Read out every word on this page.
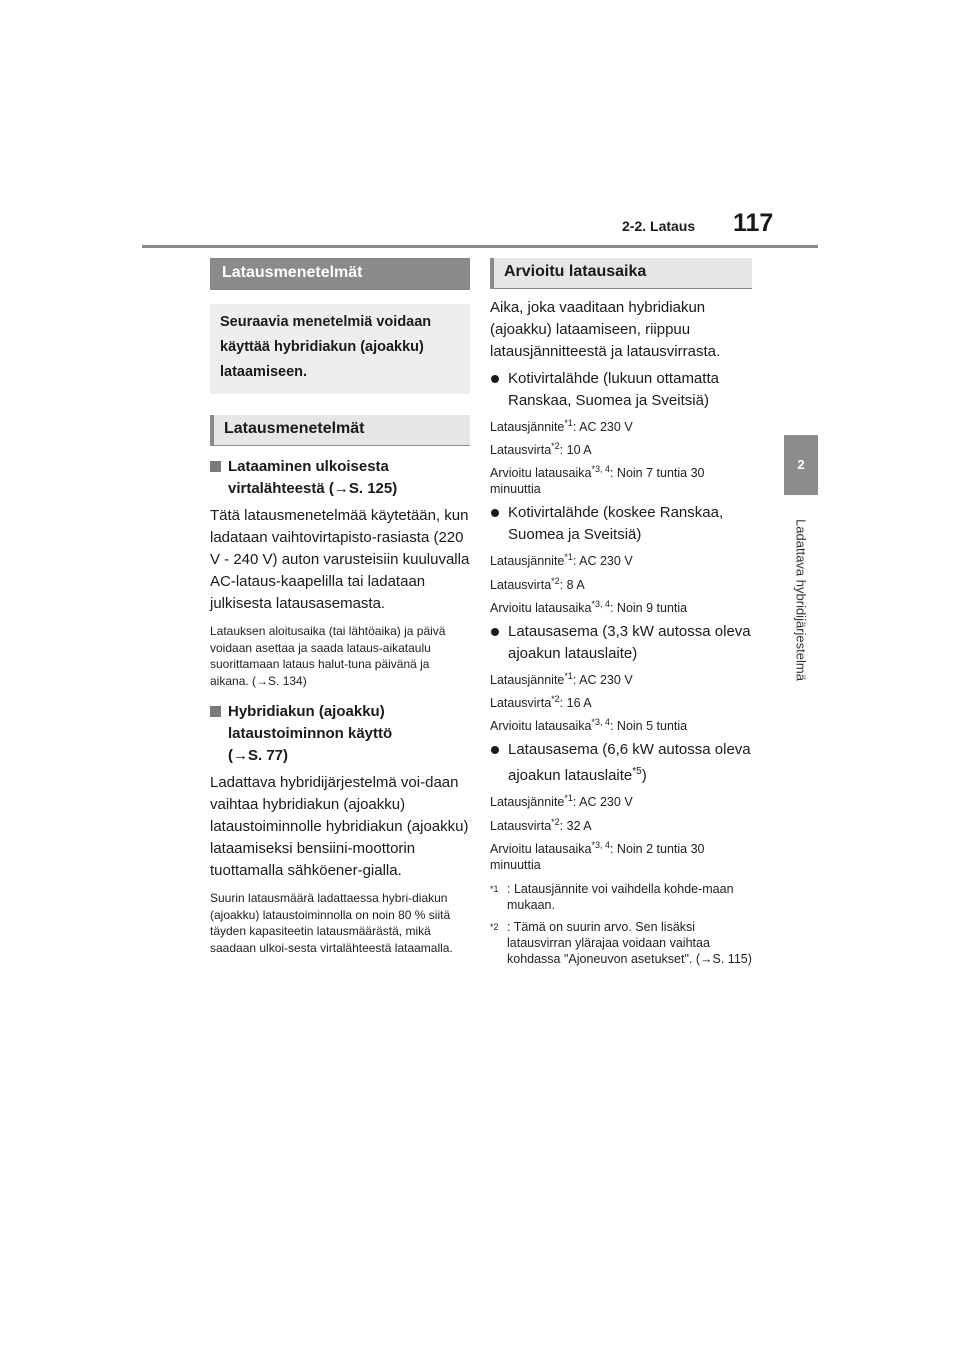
2-2. Lataus 117
2
Ladattava hybridijärjestelmä
Latausmenetelmät
Seuraavia menetelmiä voidaan käyttää hybridiakun (ajoakku) lataamiseen.
Latausmenetelmät
Lataaminen ulkoisesta
virtalähteestä (→S. 125)
Tätä latausmenetelmää käytetään, kun ladataan vaihtovirtapisto-rasiasta (220 V - 240 V) auton varusteisiin kuuluvalla AC-lataus-kaapelilla tai ladataan julkisesta latausasemasta.
Latauksen aloitusaika (tai lähtöaika) ja päivä voidaan asettaa ja saada lataus-aikataulu suorittamaan lataus halut-tuna päivänä ja aikana. (→S. 134)
Hybridiakun (ajoakku)
lataustoiminnon käyttö
(→S. 77)
Ladattava hybridijärjestelmä voi-daan vaihtaa hybridiakun (ajoakku) lataustoiminnolle hybridiakun (ajoakku) lataamiseksi bensiini-moottorin tuottamalla sähköener-gialla.
Suurin latausmäärä ladattaessa hybri-diakun (ajoakku) lataustoiminnolla on noin 80 % siitä täyden kapasiteetin latausmäärästä, mikä saadaan ulkoi-sesta virtalähteestä lataamalla.
Arvioitu latausaika
Aika, joka vaaditaan hybridiakun (ajoakku) lataamiseen, riippuu latausjännitteestä ja latausvirrasta.
Kotivirtalähde (lukuun ottamatta Ranskaa, Suomea ja Sveitsiä)
Latausjännite$^{*1}$: AC 230 V
Latausvirta$^{*2}$: 10 A
Arvioitu latausaika$^{*3, 4}$: Noin 7 tuntia 30 minuuttia
Kotivirtalähde (koskee Ranskaa, Suomea ja Sveitsiä)
Latausjännite$^{*1}$: AC 230 V
Latausvirta$^{*2}$: 8 A
Arvioitu latausaika$^{*3, 4}$: Noin 9 tuntia
Latausasema (3,3 kW autossa oleva ajoakun latauslaite)
Latausjännite$^{*1}$: AC 230 V
Latausvirta$^{*2}$: 16 A
Arvioitu latausaika$^{*3, 4}$: Noin 5 tuntia
Latausasema (6,6 kW autossa oleva ajoakun latauslaite$^{*5}$)
Latausjännite$^{*1}$: AC 230 V
Latausvirta$^{*2}$: 32 A
Arvioitu latausaika$^{*3, 4}$: Noin 2 tuntia 30 minuuttia
$^{*1}$ : Latausjännite voi vaihdella kohde-maan mukaan.
$^{*2}$ : Tämä on suurin arvo. Sen lisäksi latausvirran ylärajaa voidaan vaihtaa kohdassa "Ajoneuvon asetukset". (→S. 115)
